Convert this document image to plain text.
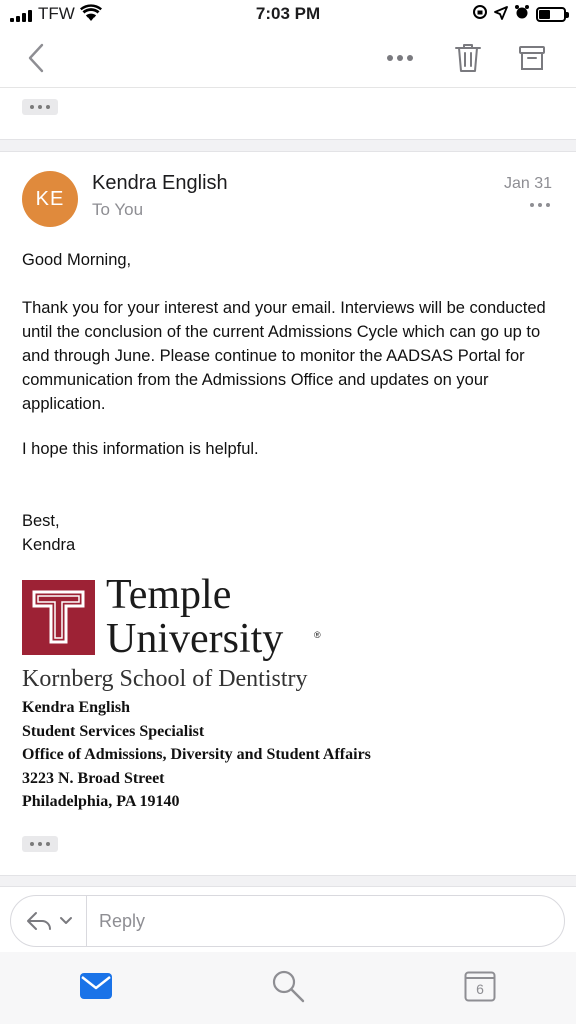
TFW	7:03 PM
KE
Kendra English
To You
Jan 31

Good Morning,

Thank you for your interest and your email. Interviews will be conducted until the conclusion of the current Admissions Cycle which can go up to and through June. Please continue to monitor the AADSAS Portal for communication from the Admissions Office and updates on your application.

I hope this information is helpful.

Best,

Kendra

Temple
University	®
Kornberg School of Dentistry
Kendra English
Student Services Specialist
Office of Admissions, Diversity and Student Affairs
3223 N. Broad Street
Philadelphia, PA 19140
Reply
6
